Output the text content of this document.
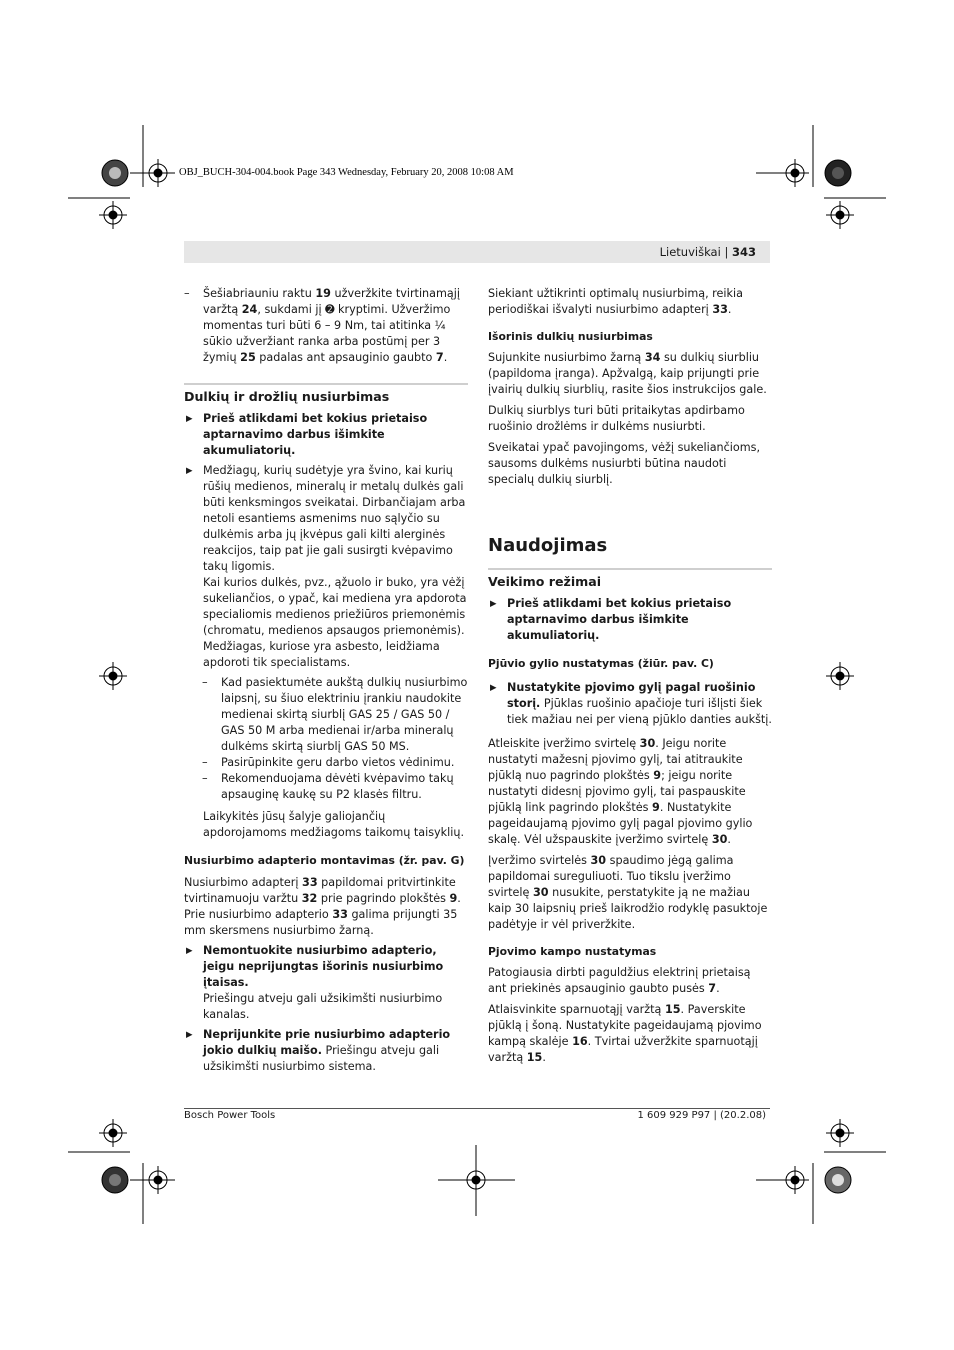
OBJ_BUCH-304-004.book Page 343 Wednesday, February 20, 2008 10:08 AM
Lietuviškai | 343

– Šešiabriauniu raktu 19 užveržkite tvirtinamąjį varžtą 24, sukdami jį ➋ kryptimi. Užveržimo momentas turi būti 6 – 9 Nm, tai atitinka ¼ sūkio užveržiant ranka arba postūmį per 3 žymių 25 padalas ant apsauginio gaubto 7.

Dulkių ir drožlių nusiurbimas

▶ Prieš atlikdami bet kokius prietaiso aptarnavimo darbus išimkite akumuliatorių.

▶ Medžiagų, kurių sudėtyje yra švino, kai kurių rūšių medienos, mineralų ir metalų dulkės gali būti kenksmingos sveikatai. Dirbančiajam arba netoli esantiems asmenims nuo sąlyčio su dulkėmis arba jų įkvėpus gali kilti alerginės reakcijos, taip pat jie gali susirgti kvėpavimo takų ligomis.

Kai kurios dulkės, pvz., ąžuolo ir buko, yra vėžį sukeliančios, o ypač, kai mediena yra apdorota specialiomis medienos priežiūros priemonėmis (chromatu, medienos apsaugos priemonėmis). Medžiagas, kuriose yra asbesto, leidžiama apdoroti tik specialistams.

– Kad pasiektumėte aukštą dulkių nusiurbimo laipsnį, su šiuo elektriniu įrankiu naudokite medienai skirtą siurblį GAS 25 / GAS 50 / GAS 50 M arba medienai ir/arba mineralų dulkėms skirtą siurblį GAS 50 MS.

– Pasirūpinkite geru darbo vietos vėdinimu.

– Rekomenduojama dėvėti kvėpavimo takų apsauginę kaukę su P2 klasės filtru.

Laikykitės jūsų šalyje galiojančių apdorojamoms medžiagoms taikomų taisyklių.

Nusiurbimo adapterio montavimas (žr. pav. G)

Nusiurbimo adapterį 33 papildomai pritvirtinkite tvirtinamuoju varžtu 32 prie pagrindo plokštės 9.
Prie nusiurbimo adapterio 33 galima prijungti 35 mm skersmens nusiurbimo žarną.

▶ Nemontuokite nusiurbimo adapterio, jeigu neprijungtas išorinis nusiurbimo įtaisas.
Priešingu atveju gali užsikimšti nusiurbimo kanalas.
▶ Neprijunkite prie nusiurbimo adapterio jokio dulkių maišo. Priešingu atveju gali užsikimšti nusiurbimo sistema.

Siekiant užtikrinti optimalų nusiurbimą, reikia periodiškai išvalyti nusiurbimo adapterį 33.

Išorinis dulkių nusiurbimas

Sujunkite nusiurbimo žarną 34 su dulkių siurbliu (papildoma įranga). Apžvalgą, kaip prijungti prie įvairių dulkių siurblių, rasite šios instrukcijos gale.

Dulkių siurblys turi būti pritaikytas apdirbamo ruošinio drožlėms ir dulkėms nusiurbti.

Sveikatai ypač pavojingoms, vėžį sukeliančioms, sausoms dulkėms nusiurbti būtina naudoti specialų dulkių siurblį.

Naudojimas
Veikimo režimai

▶ Prieš atlikdami bet kokius prietaiso aptarnavimo darbus išimkite akumuliatorių.

Pjūvio gylio nustatymas (žiūr. pav. C)
▶ Nustatykite pjovimo gylį pagal ruošinio storį. Pjūklas ruošinio apačioje turi išlįsti šiek tiek mažiau nei per vieną pjūklo danties aukštį.

Atleiskite įveržimo svirtelę 30. Jeigu norite nustatyti mažesnį pjovimo gylį, tai atitraukite pjūklą nuo pagrindo plokštės 9; jeigu norite nustatyti didesnį pjovimo gylį, tai paspauskite pjūklą link pagrindo plokštės 9. Nustatykite pageidaujamą pjovimo gylį pagal pjovimo gylio skalę. Vėl užspauskite įveržimo svirtelę 30.

Įveržimo svirtelės 30 spaudimo jėgą galima papildomai sureguliuoti. Tuo tikslu įveržimo svirtelę 30 nusukite, perstatykite ją ne mažiau kaip 30 laipsnių prieš laikrodžio rodyklę pasuktoje padėtyje ir vėl priveržkite.

Pjovimo kampo nustatymas

Patogiausia dirbti paguldžius elektrinį prietaisą ant priekinės apsauginio gaubto pusės 7.

Atlaisvinkite sparnuotąjį varžtą 15. Paverskite pjūklą į šoną. Nustatykite pageidaujamą pjovimo kampą skalėje 16. Tvirtai užveržkite sparnuotąjį varžtą 15.

Bosch Power Tools	1 609 929 P97 | (20.2.08)
